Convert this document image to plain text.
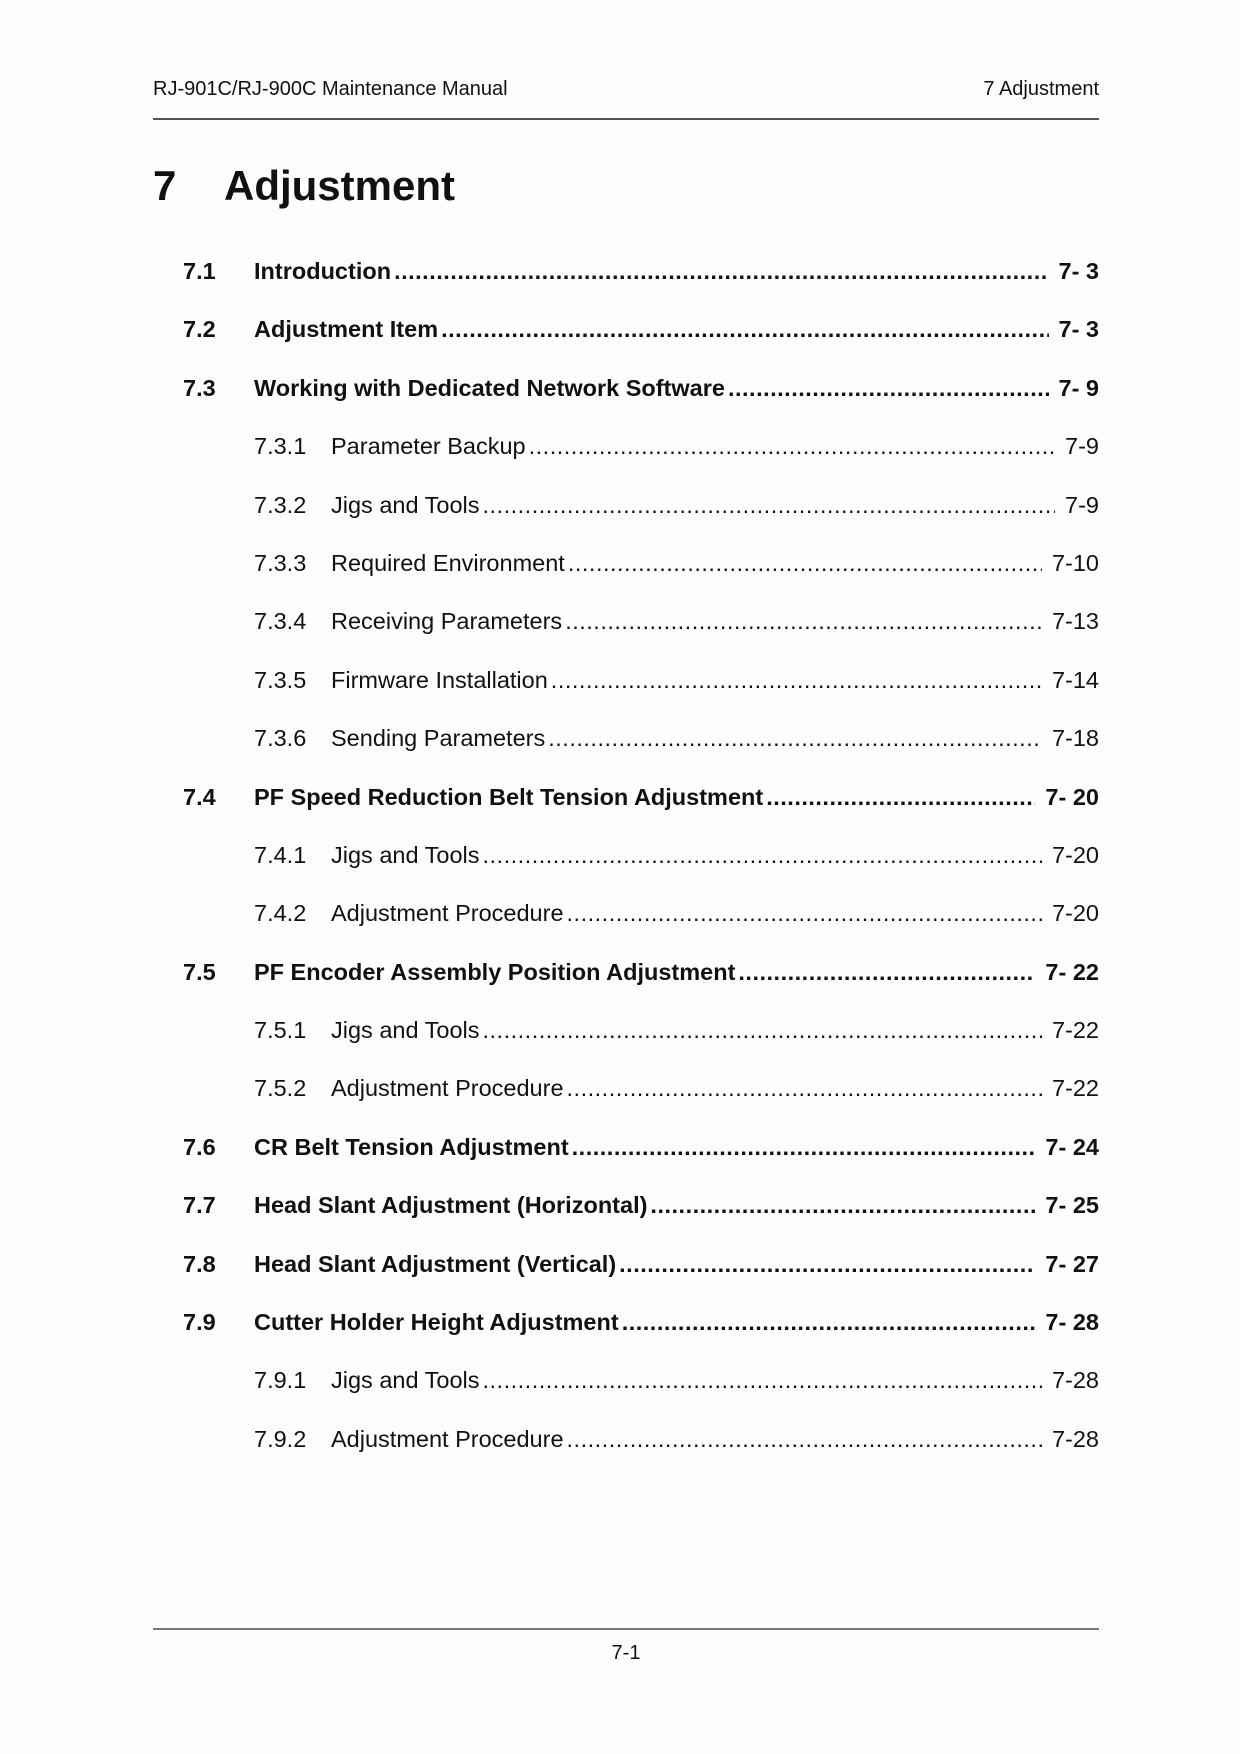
RJ-901C/RJ-900C Maintenance Manual	7 Adjustment
7 Adjustment
7.1	Introduction .....	7- 3
7.2	Adjustment Item .....	7- 3
7.3	Working with Dedicated Network Software .....	7- 9
7.3.1	Parameter Backup .....	7-9
7.3.2	Jigs and Tools .....	7-9
7.3.3	Required Environment .....	7-10
7.3.4	Receiving Parameters .....	7-13
7.3.5	Firmware Installation .....	7-14
7.3.6	Sending Parameters .....	7-18
7.4	PF Speed Reduction Belt Tension Adjustment .....	7- 20
7.4.1	Jigs and Tools .....	7-20
7.4.2	Adjustment Procedure .....	7-20
7.5	PF Encoder Assembly Position Adjustment .....	7- 22
7.5.1	Jigs and Tools .....	7-22
7.5.2	Adjustment Procedure .....	7-22
7.6	CR Belt Tension Adjustment .....	7- 24
7.7	Head Slant Adjustment (Horizontal) .....	7- 25
7.8	Head Slant Adjustment (Vertical) .....	7- 27
7.9	Cutter Holder Height Adjustment .....	7- 28
7.9.1	Jigs and Tools .....	7-28
7.9.2	Adjustment Procedure .....	7-28
7-1
